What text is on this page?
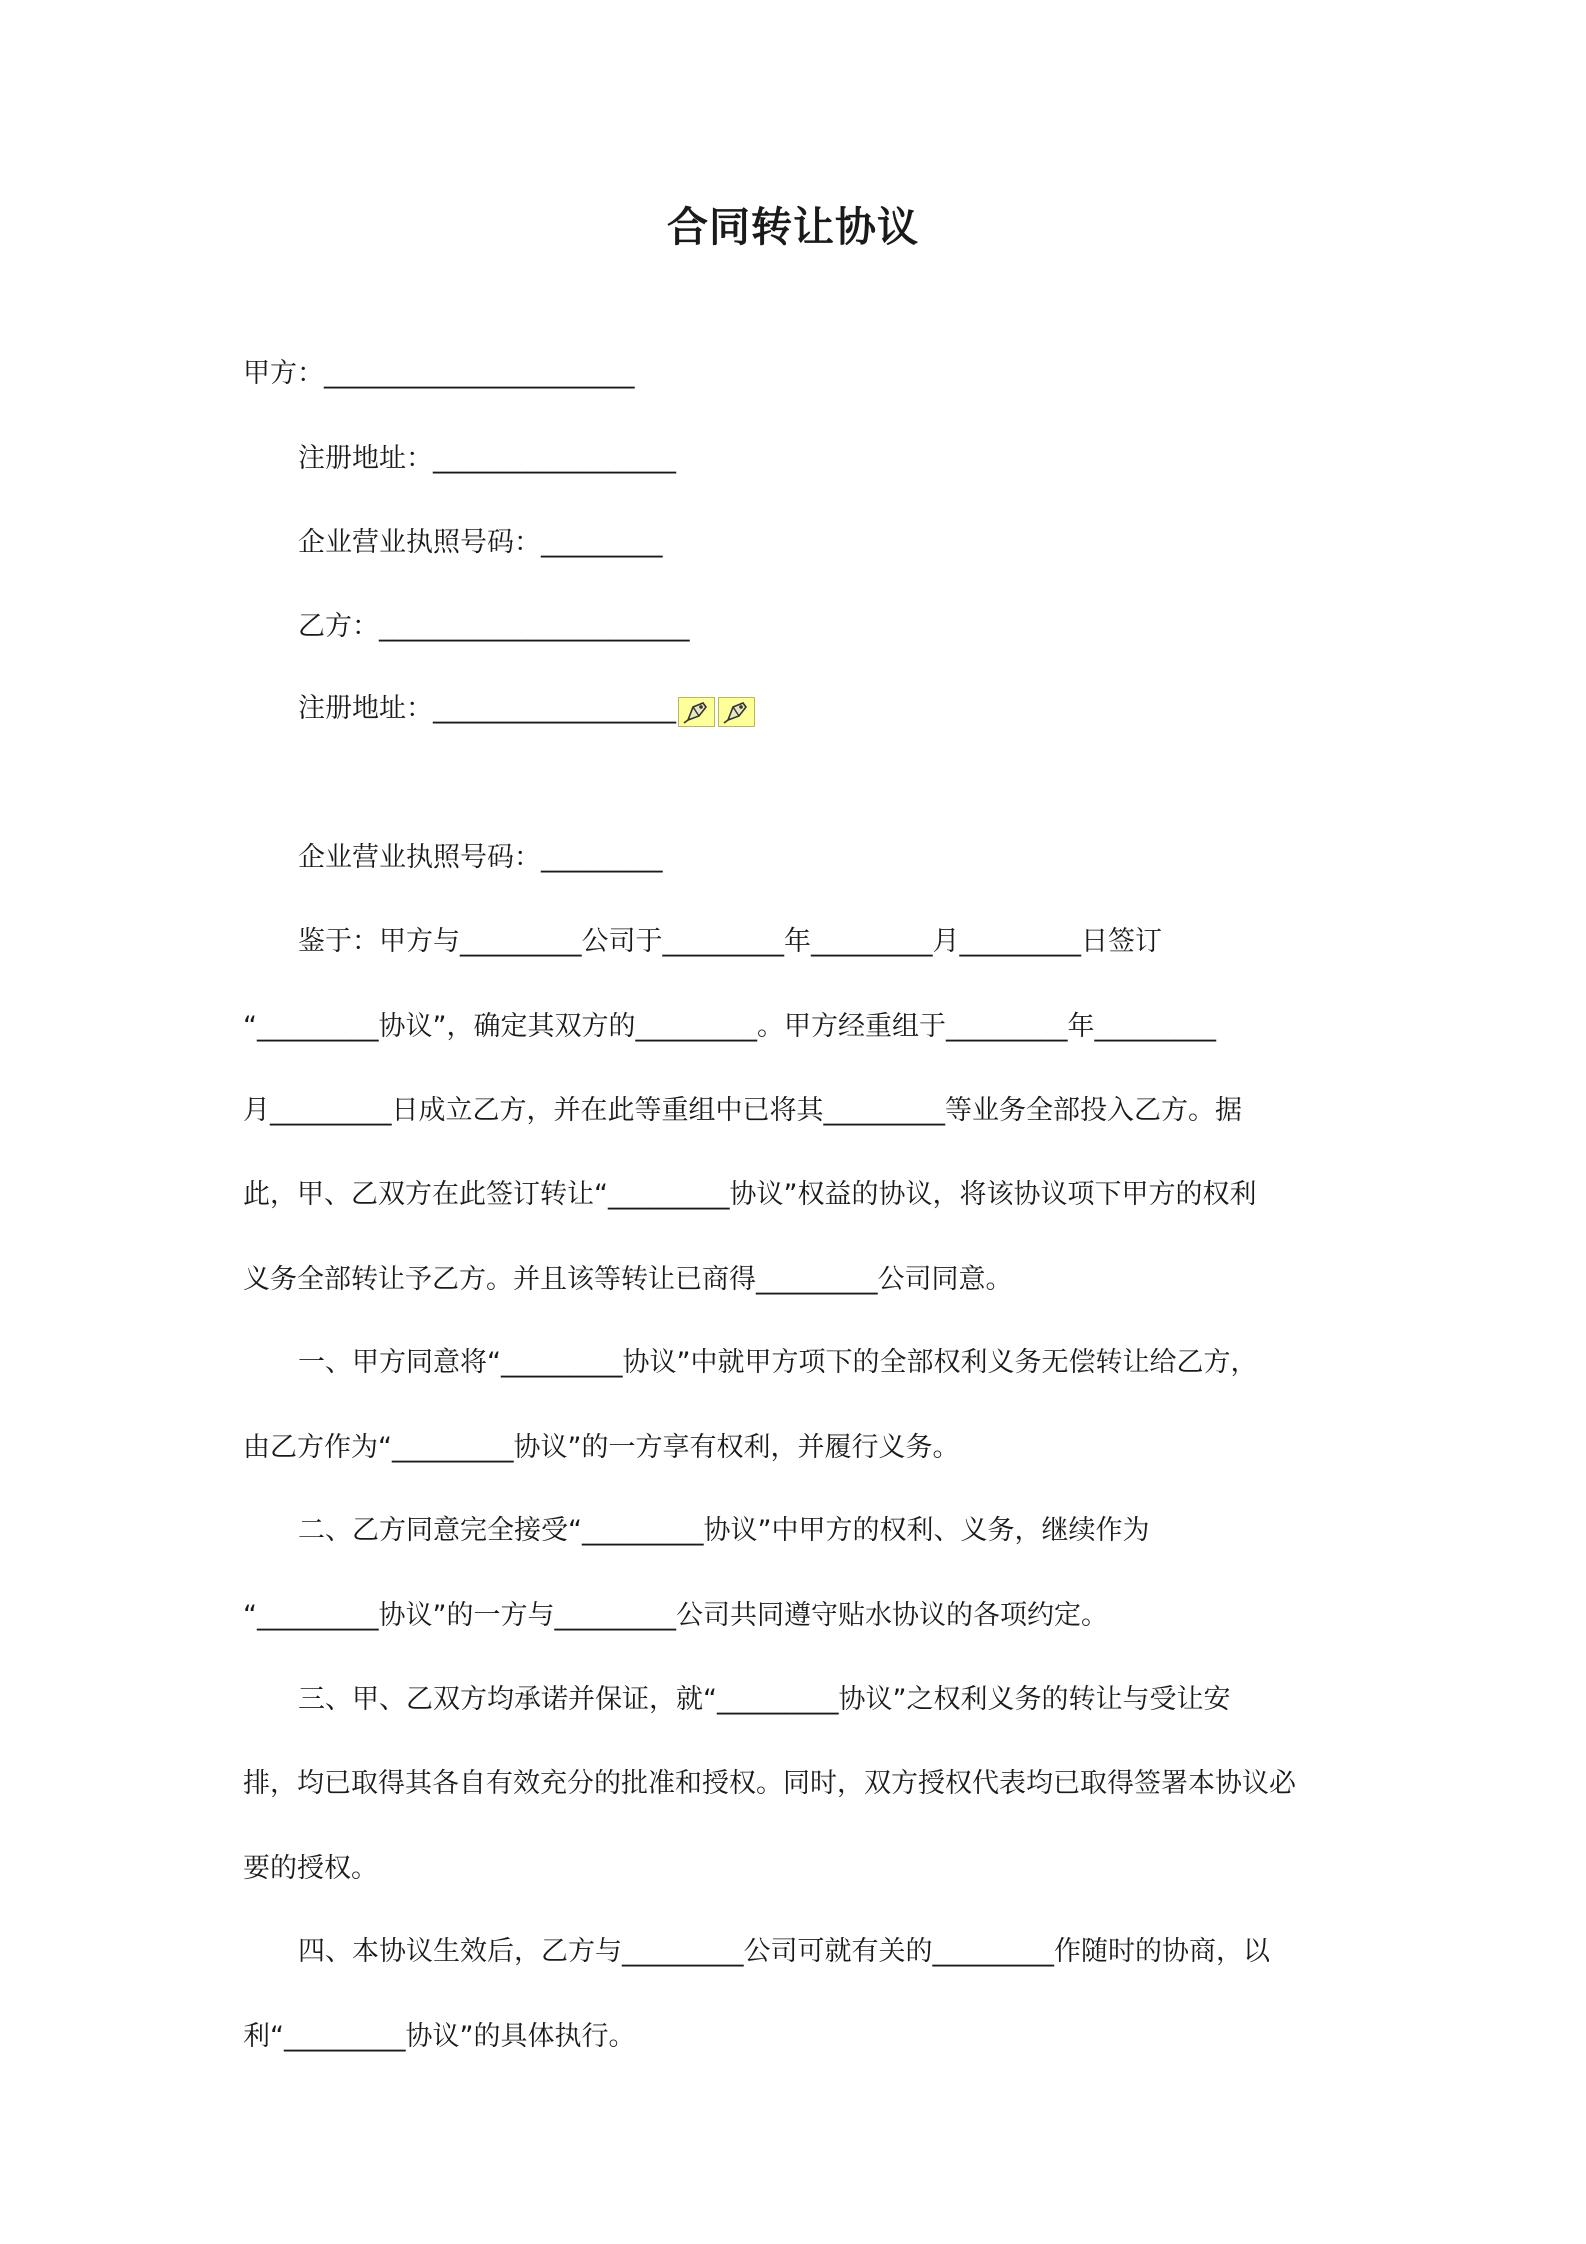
合同转让协议
甲方：_______________________
注册地址：__________________
企业营业执照号码：_________
乙方：_______________________
注册地址：__________________
企业营业执照号码：_________
鉴于：甲方与_________公司于_________年_________月_________日签订
“_________协议”，确定其双方的_________。甲方经重组于_________年_________
月_________日成立乙方，并在此等重组中已将其_________等业务全部投入乙方。据
此，甲、乙双方在此签订转让“_________协议”权益的协议，将该协议项下甲方的权利
义务全部转让予乙方。并且该等转让已商得_________公司同意。
一、甲方同意将“_________协议”中就甲方项下的全部权利义务无偿转让给乙方，
由乙方作为“_________协议”的一方享有权利，并履行义务。
二、乙方同意完全接受“_________协议”中甲方的权利、义务，继续作为
“_________协议”的一方与_________公司共同遵守贴水协议的各项约定。
三、甲、乙双方均承诺并保证，就“_________协议”之权利义务的转让与受让安
排，均已取得其各自有效充分的批准和授权。同时，双方授权代表均已取得签署本协议必
要的授权。
四、本协议生效后，乙方与_________公司可就有关的_________作随时的协商，以
利“_________协议”的具体执行。
